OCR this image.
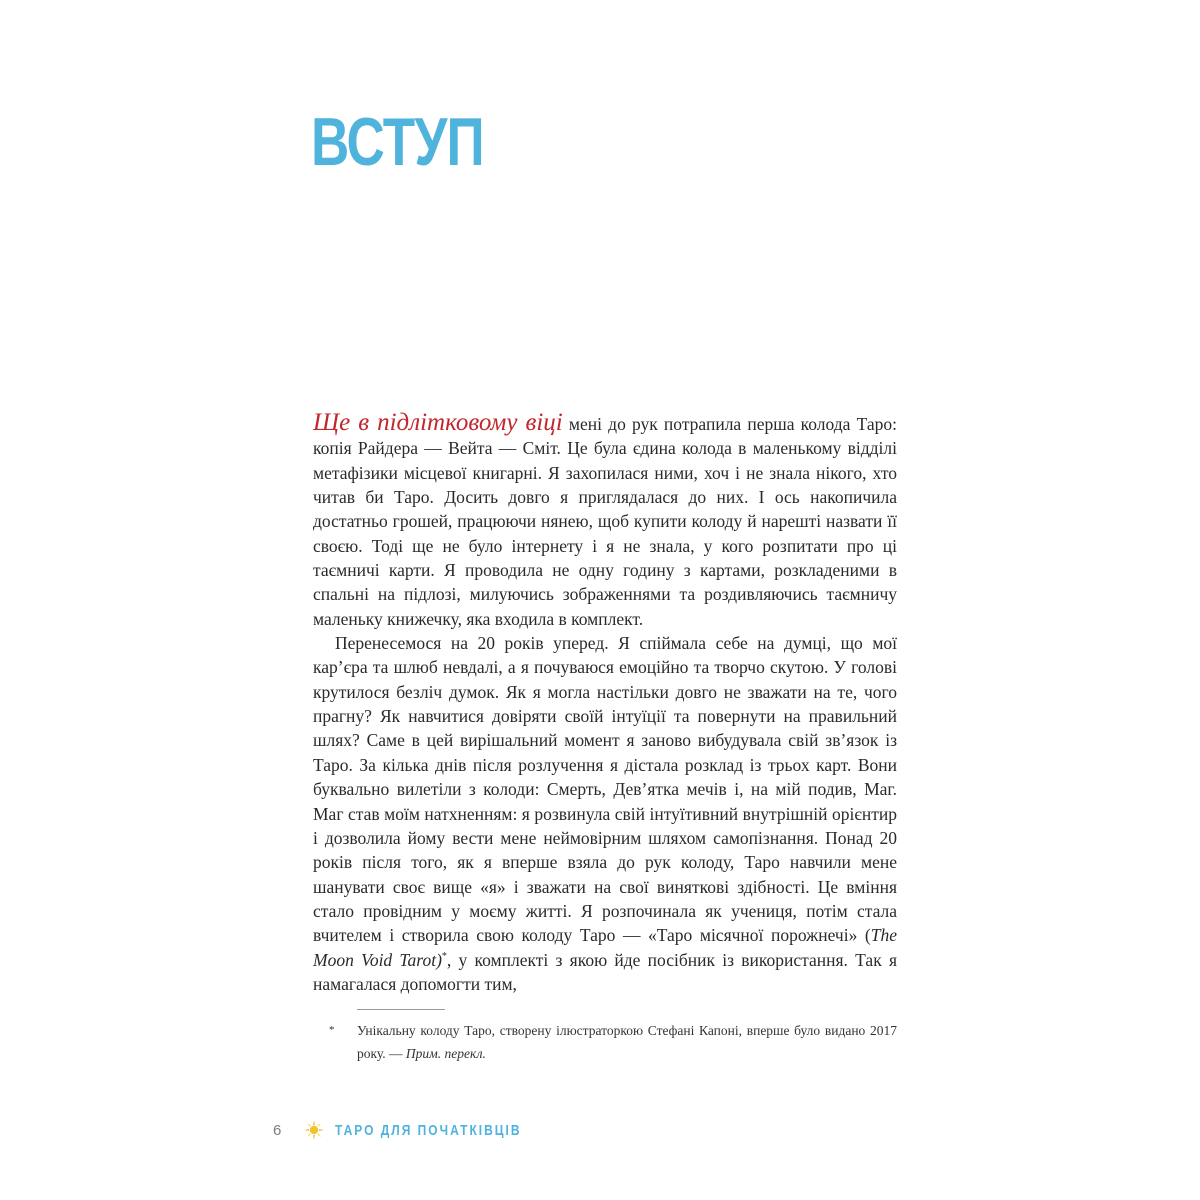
ВСТУП

Ще в підлітковому віці мені до рук потрапила перша колода Таро: копія Райдера — Вейта — Сміт. Це була єдина колода в маленькому відділі метафізики місцевої книгарні. Я захопилася ними, хоч і не знала нікого, хто читав би Таро. Досить довго я приглядалася до них. І ось накопичила достатньо грошей, працюючи нянею, щоб купити колоду й нарешті назвати її своєю. Тоді ще не було інтернету і я не знала, у кого розпитати про ці таємничі карти. Я проводила не одну годину з картами, розкладеними в спальні на підлозі, милуючись зображеннями та роздивляючись таємничу маленьку книжечку, яка входила в комплект.

Перенесемося на 20 років уперед. Я спіймала себе на думці, що мої кар’єра та шлюб невдалі, а я почуваюся емоційно та творчо скутою. У голові крутилося безліч думок. Як я могла настільки довго не зважати на те, чого прагну? Як навчитися довіряти своїй інтуїції та повернути на правильний шлях? Саме в цей вирішальний момент я заново вибудувала свій зв’язок із Таро. За кілька днів після розлучення я дістала розклад із трьох карт. Вони буквально вилетіли з колоди: Смерть, Дев’ятка мечів і, на мій подив, Маг. Маг став моїм натхненням: я розвинула свій інтуїтивний внутрішній орієнтир і дозволила йому вести мене неймовірним шляхом самопізнання. Понад 20 років після того, як я вперше взяла до рук колоду, Таро навчили мене шанувати своє вище «я» і зважати на свої виняткові здібності. Це вміння стало провідним у моєму житті. Я розпочинала як учениця, потім стала вчителем і створила свою колоду Таро — «Таро місячної порожнечі» (The Moon Void Tarot)*, у комплекті з якою йде посібник із використання. Так я намагалася допомогти тим,

*	Унікальну колоду Таро, створену ілюстраторкою Стефані Капоні, вперше було видано 2017 року. — Прим. перекл.
6	ТАРО ДЛЯ ПОЧАТКІВЦІВ
